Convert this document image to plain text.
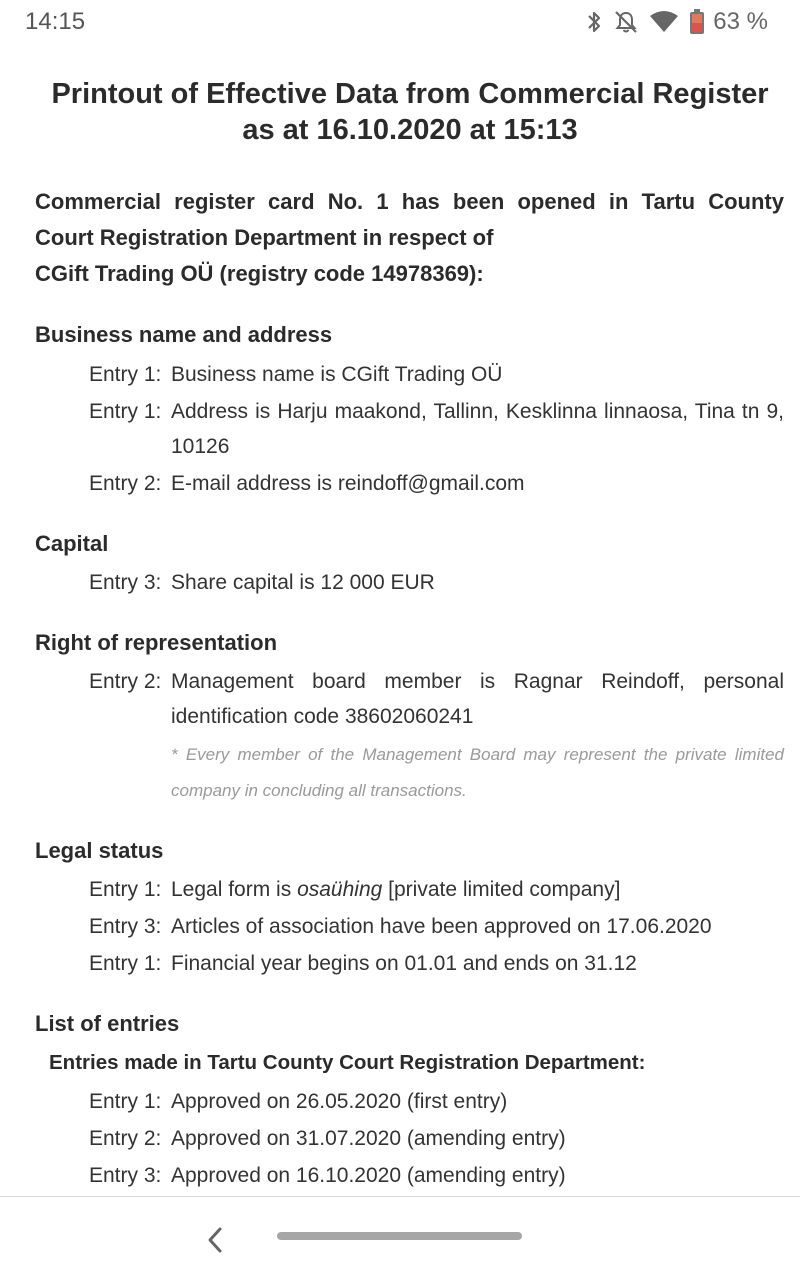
14:15	63 %
Printout of Effective Data from Commercial Register
as at 16.10.2020 at 15:13
Commercial register card No. 1 has been opened in Tartu County
Court Registration Department in respect of
CGift Trading OÜ (registry code 14978369):
Business name and address
Entry 1: Business name is CGift Trading OÜ
Entry 1: Address is Harju maakond, Tallinn, Kesklinna linnaosa, Tina tn 9, 10126
Entry 2: E-mail address is reindoff@gmail.com
Capital
Entry 3: Share capital is 12 000 EUR
Right of representation
Entry 2: Management board member is Ragnar Reindoff, personal identification code 38602060241
* Every member of the Management Board may represent the private limited company in concluding all transactions.
Legal status
Entry 1: Legal form is osaühing [private limited company]
Entry 3: Articles of association have been approved on 17.06.2020
Entry 1: Financial year begins on 01.01 and ends on 31.12
List of entries
Entries made in Tartu County Court Registration Department:
Entry 1: Approved on 26.05.2020 (first entry)
Entry 2: Approved on 31.07.2020 (amending entry)
Entry 3: Approved on 16.10.2020 (amending entry)
